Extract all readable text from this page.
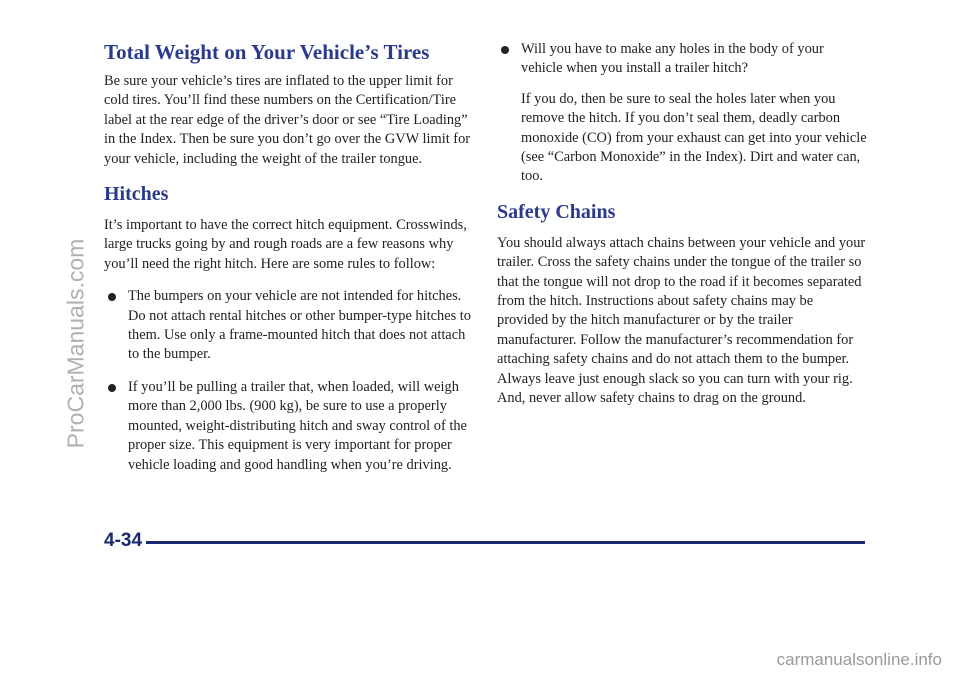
Total Weight on Your Vehicle’s Tires

Be sure your vehicle’s tires are inflated to the upper limit for cold tires. You’ll find these numbers on the Certification/Tire label at the rear edge of the driver’s door or see “Tire Loading” in the Index. Then be sure you don’t go over the GVW limit for your vehicle, including the weight of the trailer tongue.

Hitches

It’s important to have the correct hitch equipment. Crosswinds, large trucks going by and rough roads are a few reasons why you’ll need the right hitch. Here are some rules to follow:

The bumpers on your vehicle are not intended for hitches. Do not attach rental hitches or other bumper-type hitches to them. Use only a frame-mounted hitch that does not attach to the bumper.
If you’ll be pulling a trailer that, when loaded, will weigh more than 2,000 lbs. (900 kg), be sure to use a properly mounted, weight-distributing hitch and sway control of the proper size. This equipment is very important for proper vehicle loading and good handling when you’re driving.
Will you have to make any holes in the body of your vehicle when you install a trailer hitch?
If you do, then be sure to seal the holes later when you remove the hitch. If you don’t seal them, deadly carbon monoxide (CO) from your exhaust can get into your vehicle (see “Carbon Monoxide” in the Index). Dirt and water can, too.
Safety Chains

You should always attach chains between your vehicle and your trailer. Cross the safety chains under the tongue of the trailer so that the tongue will not drop to the road if it becomes separated from the hitch. Instructions about safety chains may be provided by the hitch manufacturer or by the trailer manufacturer. Follow the manufacturer’s recommendation for attaching safety chains and do not attach them to the bumper. Always leave just enough slack so you can turn with your rig. And, never allow safety chains to drag on the ground.

4-34
ProCarManuals.com
carmanualsonline.info
